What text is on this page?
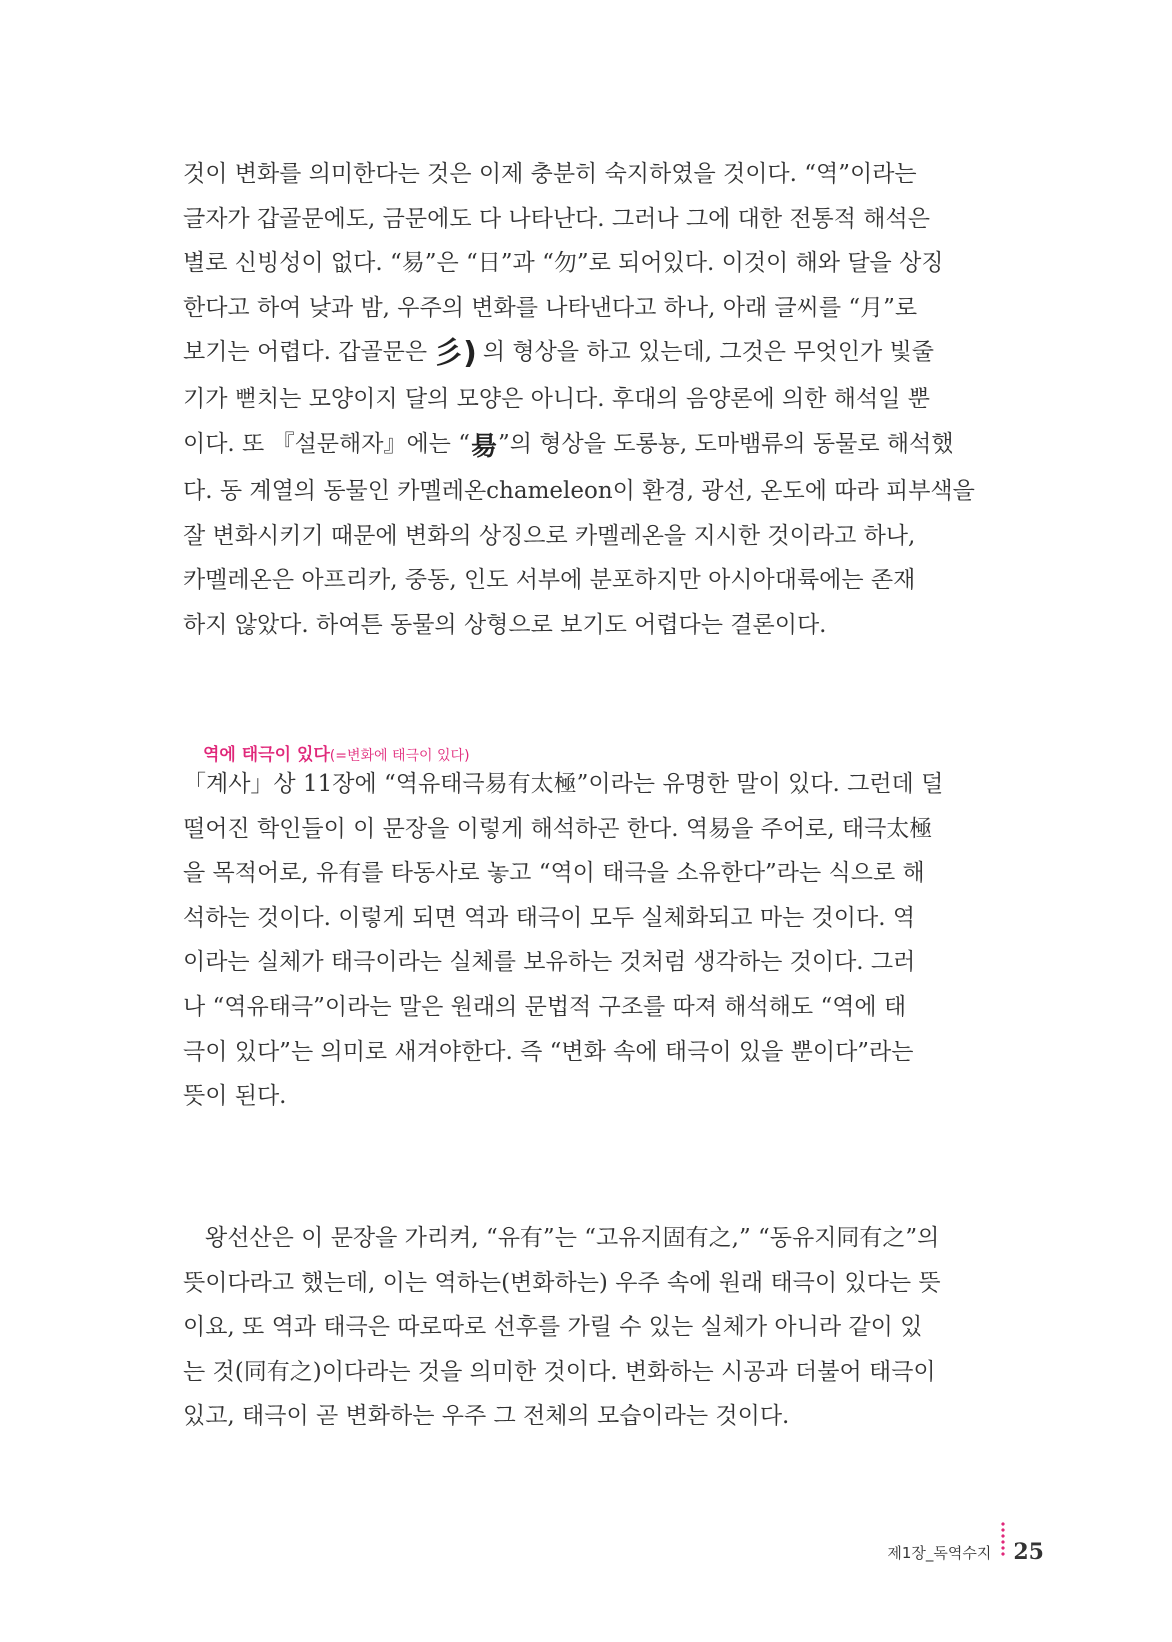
것이 변화를 의미한다는 것은 이제 충분히 숙지하였을 것이다. “역”이라는
글자가 갑골문에도, 금문에도 다 나타난다. 그러나 그에 대한 전통적 해석은
별로 신빙성이 없다. “易”은 “日”과 “勿”로 되어있다. 이것이 해와 달을 상징
한다고 하여 낮과 밤, 우주의 변화를 나타낸다고 하나, 아래 글씨를 “月”로
보기는 어렵다. 갑골문은 彡) 의 형상을 하고 있는데, 그것은 무엇인가 빛줄
기가 뻗치는 모양이지 달의 모양은 아니다. 후대의 음양론에 의한 해석일 뿐
이다. 또 『설문해자』에는 “昜”의 형상을 도롱뇽, 도마뱀류의 동물로 해석했
다. 동 계열의 동물인 카멜레온chameleon이 환경, 광선, 온도에 따라 피부색을
잘 변화시키기 때문에 변화의 상징으로 카멜레온을 지시한 것이라고 하나,
카멜레온은 아프리카, 중동, 인도 서부에 분포하지만 아시아대륙에는 존재
하지 않았다. 하여튼 동물의 상형으로 보기도 어렵다는 결론이다.
역에 태극이 있다(=변화에 태극이 있다)
「계사」상 11장에 “역유태극易有太極”이라는 유명한 말이 있다. 그런데 덜
떨어진 학인들이 이 문장을 이렇게 해석하곤 한다. 역易을 주어로, 태극太極
을 목적어로, 유有를 타동사로 놓고 “역이 태극을 소유한다”라는 식으로 해
석하는 것이다. 이렇게 되면 역과 태극이 모두 실체화되고 마는 것이다. 역
이라는 실체가 태극이라는 실체를 보유하는 것처럼 생각하는 것이다. 그러
나 “역유태극”이라는 말은 원래의 문법적 구조를 따져 해석해도 “역에 태
극이 있다”는 의미로 새겨야한다. 즉 “변화 속에 태극이 있을 뿐이다”라는
뜻이 된다.
왕선산은 이 문장을 가리켜, “유有”는 “고유지固有之,” “동유지同有之”의
뜻이다라고 했는데, 이는 역하는(변화하는) 우주 속에 원래 태극이 있다는 뜻
이요, 또 역과 태극은 따로따로 선후를 가릴 수 있는 실체가 아니라 같이 있
는 것(同有之)이다라는 것을 의미한 것이다. 변화하는 시공과 더불어 태극이
있고, 태극이 곧 변화하는 우주 그 전체의 모습이라는 것이다.
제1장_독역수지 25
